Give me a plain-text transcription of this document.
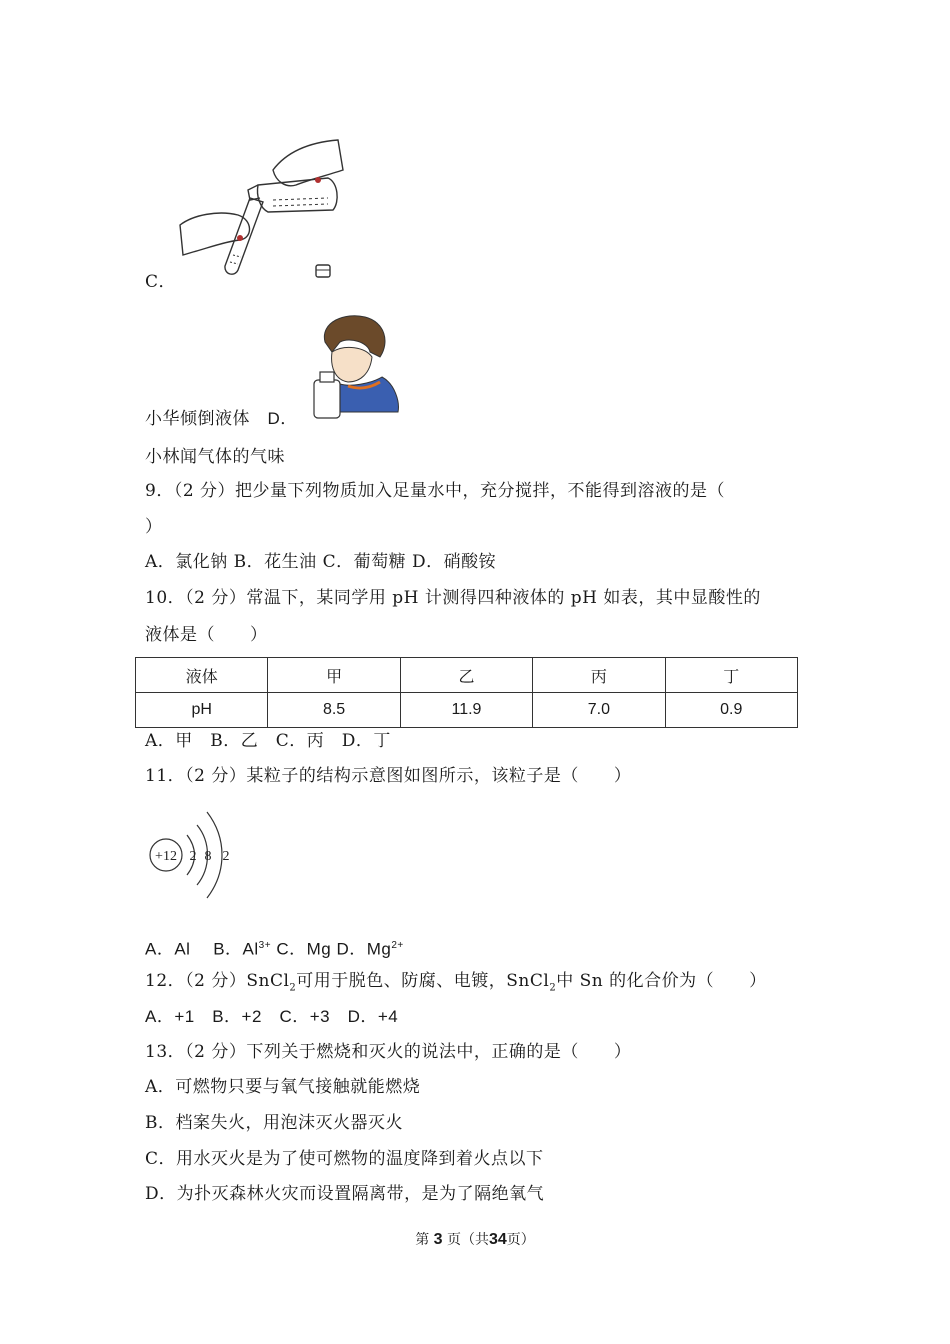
C．
小华倾倒液体　 D．
小林闻气体的气味
9．（2 分）把少量下列物质加入足量水中，充分搅拌，不能得到溶液的是（
）
A．氯化钠 B．花生油 C．葡萄糖 D．硝酸铵
10．（2 分）常温下，某同学用 pH 计测得四种液体的 pH 如表，其中显酸性的
液体是（　　）
液体	甲	乙	丙	丁
pH	8.5	11.9	7.0	0.9
A．甲　B．乙　C．丙　D．丁
11．（2 分）某粒子的结构示意图如图所示，该粒子是（　　）
+12 2 8 2
A．Al　 B．$Al^{3+}$ C．Mg D．$Mg^{2+}$
12．（2 分）SnCl$_2$可用于脱色、防腐、电镀，SnCl$_2$中 Sn 的化合价为（　　）
A．+1　B．+2　C．+3　D．+4
13．（2 分）下列关于燃烧和灭火的说法中，正确的是（　　）
A．可燃物只要与氧气接触就能燃烧
B．档案失火，用泡沫灭火器灭火
C．用水灭火是为了使可燃物的温度降到着火点以下
D．为扑灭森林火灾而设置隔离带，是为了隔绝氧气
第 3 页（共34页）
